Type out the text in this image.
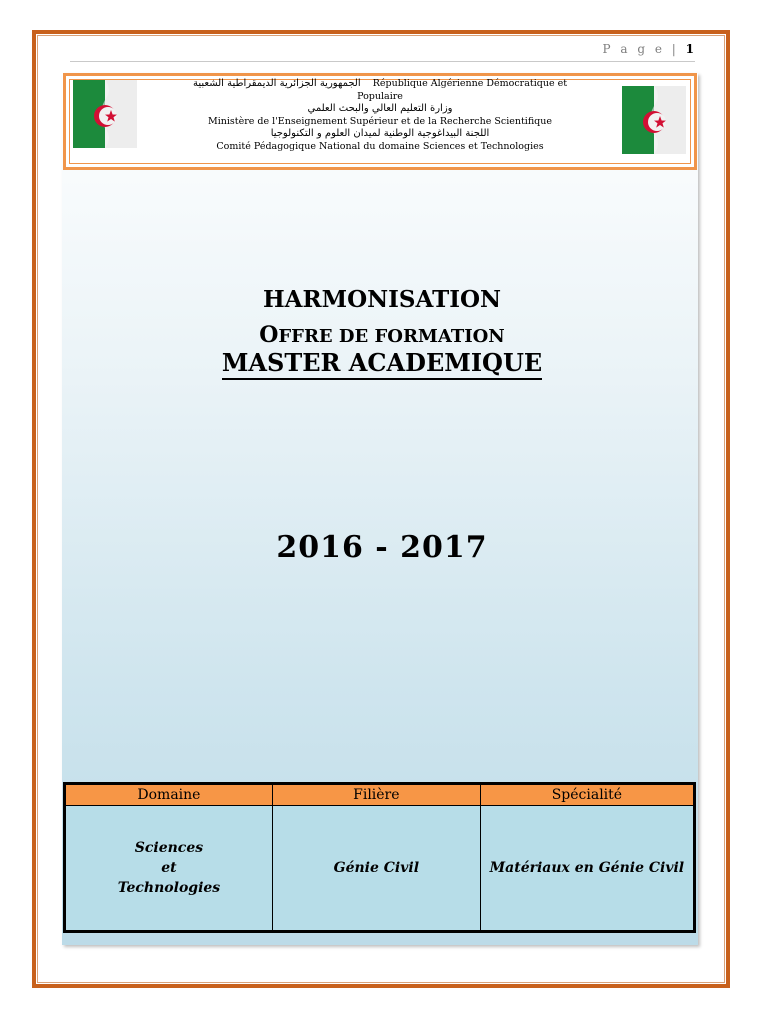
P a g e | 1
الجمهورية الجزائرية الديمقراطية الشعبية République Algérienne Démocratique et
Populaire
وزارة التعليم العالي والبحث العلمي
Ministère de l'Enseignement Supérieur et de la Recherche Scientifique
اللجنة البيداغوجية الوطنية لميدان العلوم و التكنولوجيا
Comité Pédagogique National du domaine Sciences et Technologies
HARMONISATION
OFFRE DE FORMATION
MASTER ACADEMIQUE
2016 - 2017
Domaine	Filière	Spécialité

Sciences
et
Technologies	Génie Civil	Matériaux en Génie Civil
